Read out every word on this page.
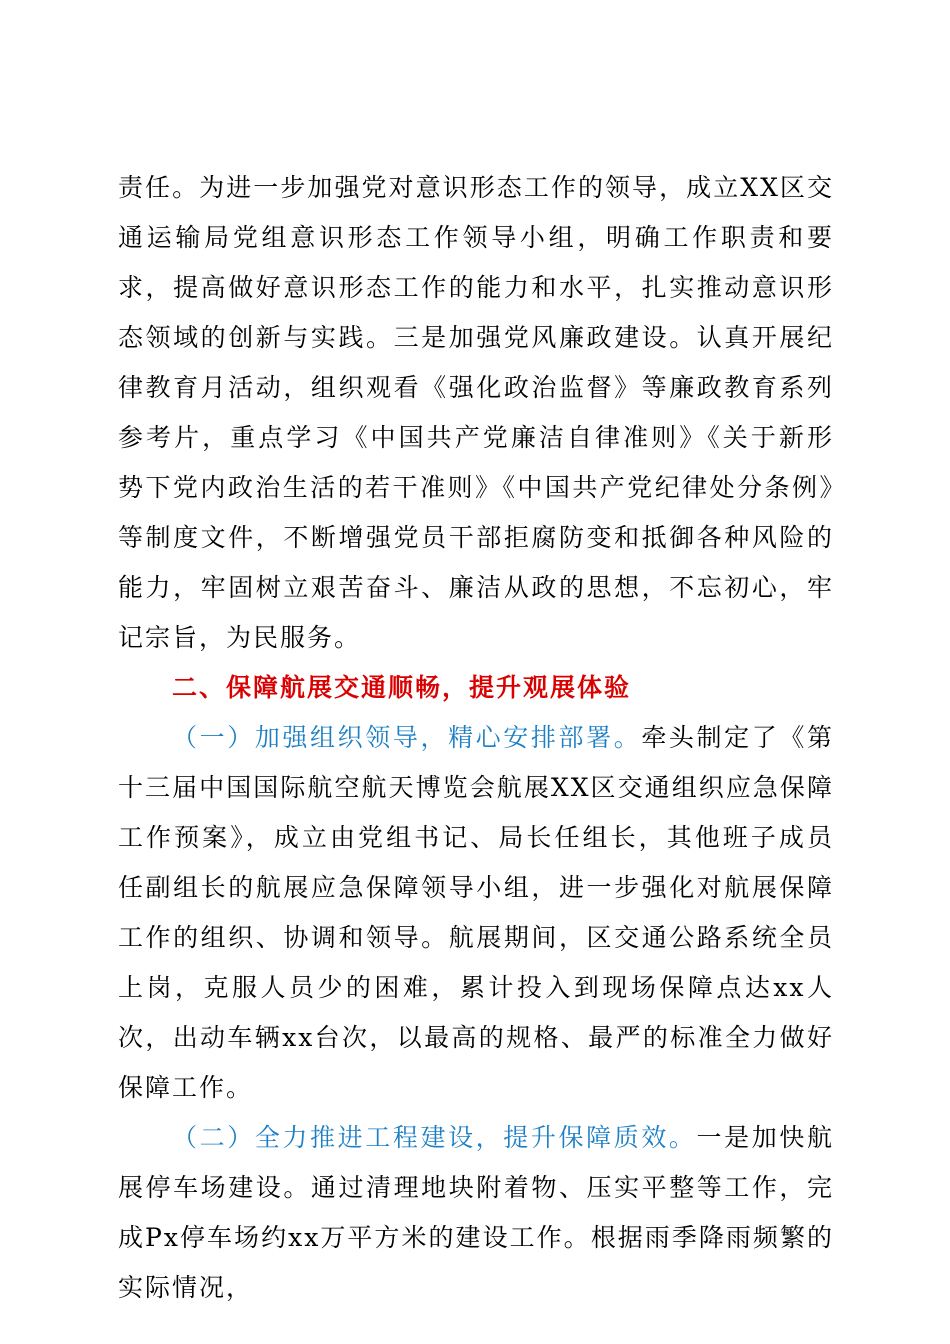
责任。为进一步加强党对意识形态工作的领导，成立XX区交通运输局党组意识形态工作领导小组，明确工作职责和要求，提高做好意识形态工作的能力和水平，扎实推动意识形态领域的创新与实践。三是加强党风廉政建设。认真开展纪律教育月活动，组织观看《强化政治监督》等廉政教育系列参考片，重点学习《中国共产党廉洁自律准则》《关于新形势下党内政治生活的若干准则》《中国共产党纪律处分条例》等制度文件，不断增强党员干部拒腐防变和抵御各种风险的能力，牢固树立艰苦奋斗、廉洁从政的思想，不忘初心，牢记宗旨，为民服务。

二、保障航展交通顺畅，提升观展体验

（一）加强组织领导，精心安排部署。牵头制定了《第十三届中国国际航空航天博览会航展XX区交通组织应急保障工作预案》，成立由党组书记、局长任组长，其他班子成员任副组长的航展应急保障领导小组，进一步强化对航展保障工作的组织、协调和领导。航展期间，区交通公路系统全员上岗，克服人员少的困难，累计投入到现场保障点达xx人次，出动车辆xx台次，以最高的规格、最严的标准全力做好保障工作。

（二）全力推进工程建设，提升保障质效。一是加快航展停车场建设。通过清理地块附着物、压实平整等工作，完成Px停车场约xx万平方米的建设工作。根据雨季降雨频繁的实际情况，
